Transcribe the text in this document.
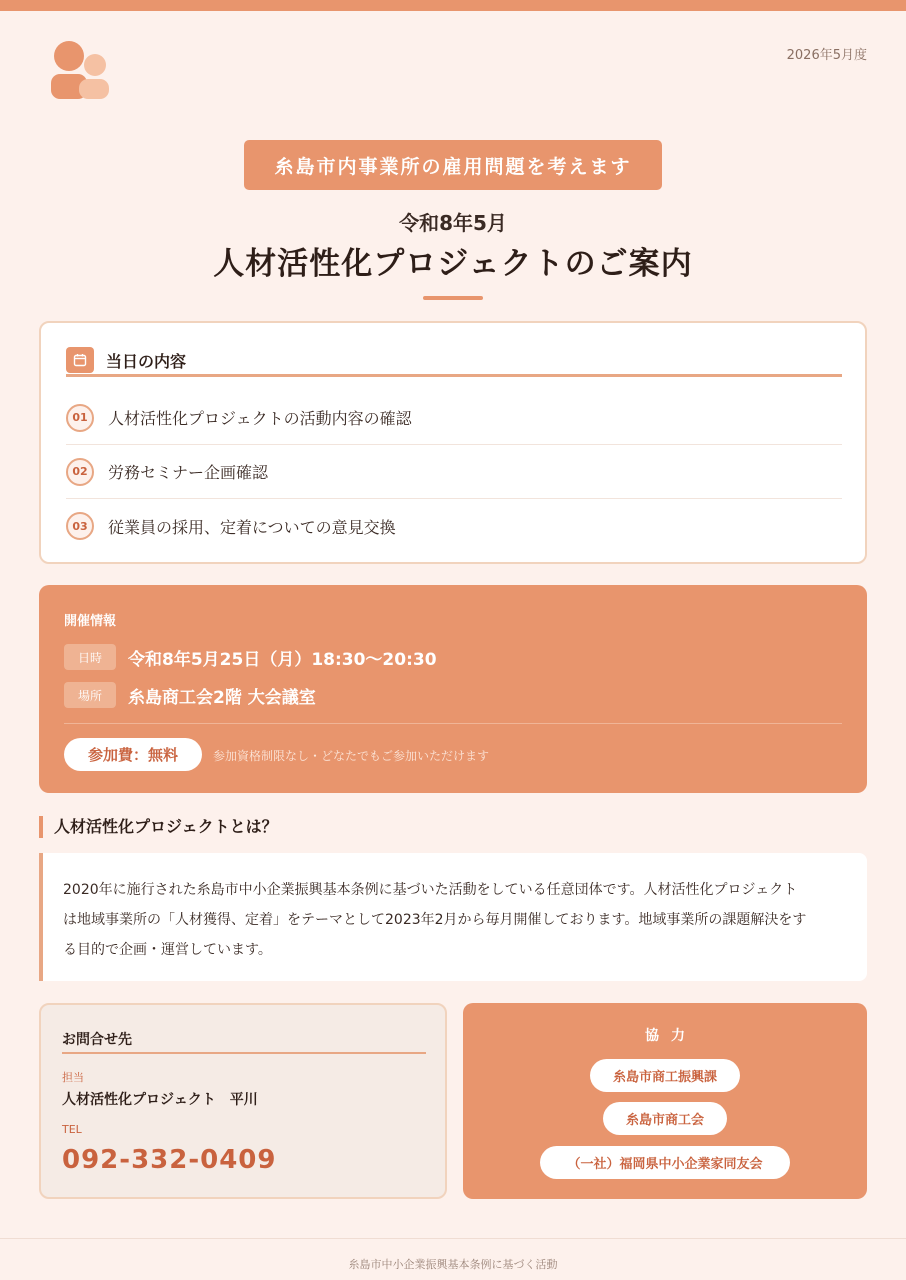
2026年5月度
糸島市内事業所の雇用問題を考えます
令和8年5月
人材活性化プロジェクトのご案内
当日の内容
01	人材活性化プロジェクトの活動内容の確認
02	労務セミナー企画確認
03	従業員の採用、定着についての意見交換
開催情報
日時	令和8年5月25日（月）18:30〜20:30
場所	糸島商工会2階 大会議室
参加費：無料	参加資格制限なし・どなたでもご参加いただけます
人材活性化プロジェクトとは？
2020年に施行された糸島市中小企業振興基本条例に基づいた活動をしている任意団体です。人材活性化プロジェクト
は地域事業所の「人材獲得、定着」をテーマとして2023年2月から毎月開催しております。地域事業所の課題解決をす
る目的で企画・運営しています。
お問合せ先
担当
人材活性化プロジェクト　平川
TEL
092-332-0409
協力
糸島市商工振興課
糸島市商工会
（一社）福岡県中小企業家同友会
糸島市中小企業振興基本条例に基づく活動
